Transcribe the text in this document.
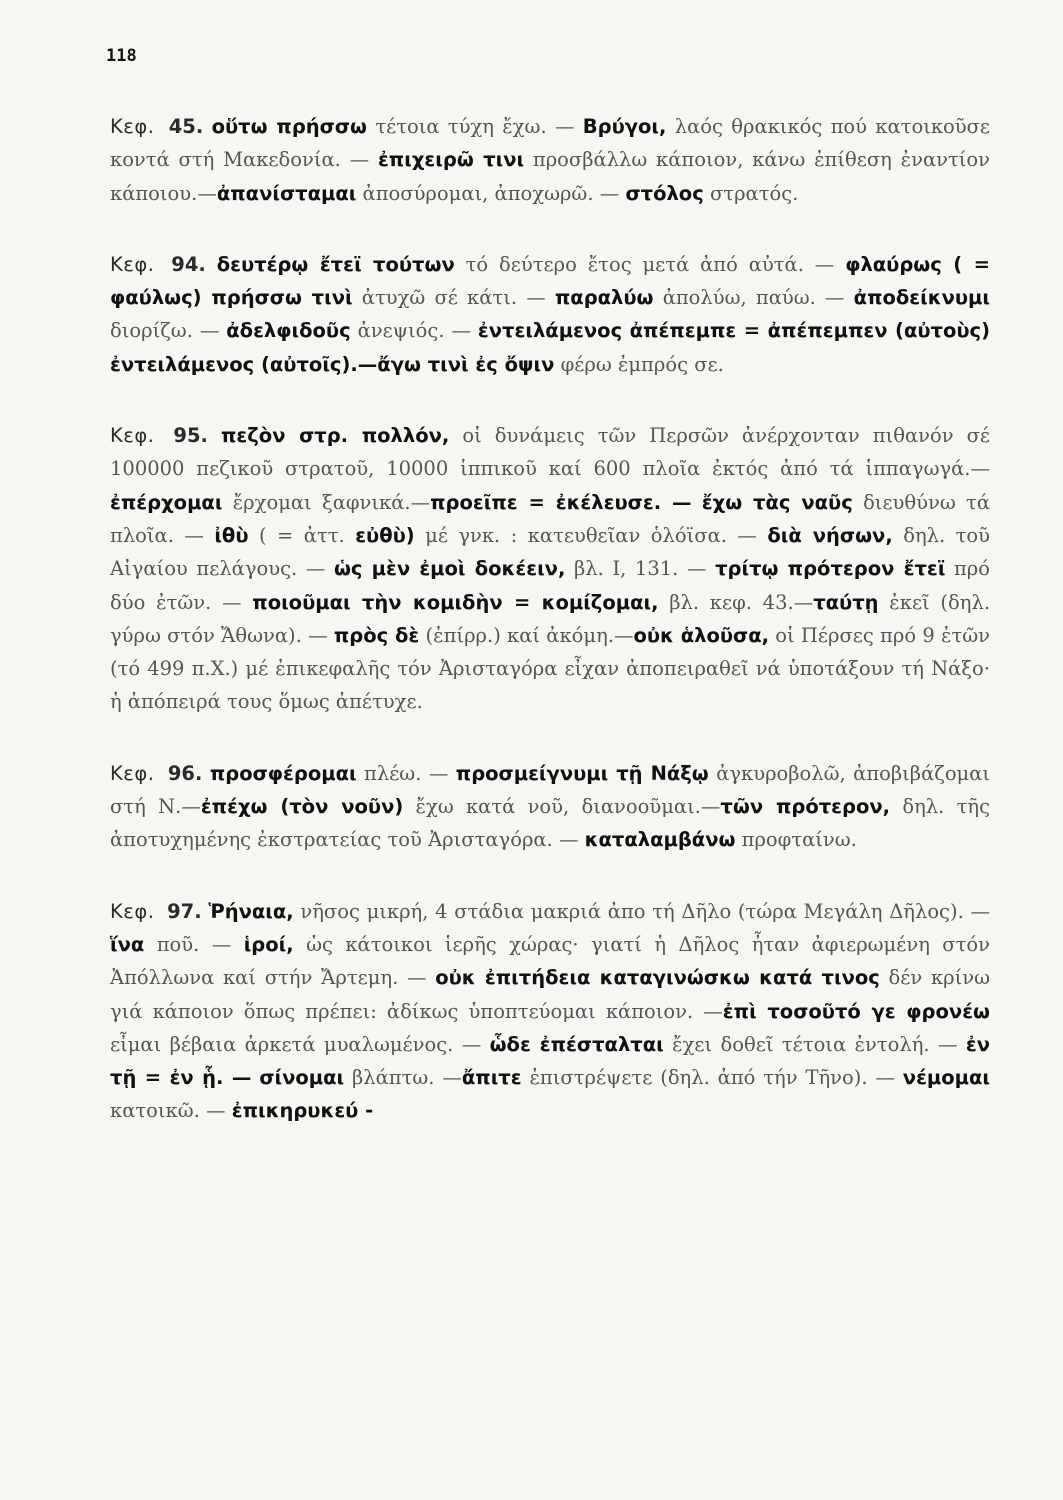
118

Κεφ. 45. οὕτω πρήσσω τέτοια τύχη ἔχω. — Βρύγοι, λαός θρακικός πού κατοικοῦσε κοντά στή Μακεδονία. — ἐπιχειρῶ τινι προσβάλλω κάποιον, κάνω ἐπίθεση ἐναντίον κάποιου.—ἀπανίσταμαι ἀποσύρομαι, ἀποχωρῶ. — στόλος στρατός.

Κεφ. 94. δευτέρῳ ἔτεϊ τούτων τό δεύτερο ἔτος μετά ἀπό αὐτά. — φλαύρως ( = φαύλως) πρήσσω τινὶ ἀτυχῶ σέ κάτι. — παραλύω ἀπολύω, παύω. — ἀποδείκνυμι διορίζω. — ἀδελφιδοῦς ἀνεψιός. — ἐντειλάμενος ἀπέπεμπε = ἀπέπεμπεν (αὐτοὺς) ἐντειλάμενος (αὐτοῖς).—ἄγω τινὶ ἐς ὄψιν φέρω ἐμπρός σε.

Κεφ. 95. πεζὸν στρ. πολλόν, οἱ δυνάμεις τῶν Περσῶν ἀνέρχονταν πιθανόν σέ 100000 πεζικοῦ στρατοῦ, 10000 ἱππικοῦ καί 600 πλοῖα ἐκτός ἀπό τά ἱππαγωγά.—ἐπέρχομαι ἔρχομαι ξαφνικά.—προεῖπε = ἐκέλευσε. — ἔχω τὰς ναῦς διευθύνω τά πλοῖα. — ἰθὺ ( = ἀττ. εὐθὺ) μέ γνκ. : κατευθεῖαν ὁλόϊσα. — διὰ νήσων, δηλ. τοῦ Αἰγαίου πελάγους. — ὡς μὲν ἐμοὶ δοκέειν, βλ. I, 131. — τρίτῳ πρότερον ἔτεϊ πρό δύο ἐτῶν. — ποιοῦμαι τὴν κομιδὴν = κομίζομαι, βλ. κεφ. 43.—ταύτῃ ἐκεῖ (δηλ. γύρω στόν Ἄθωνα). — πρὸς δὲ (ἐπίρρ.) καί ἀκόμη.—οὐκ ἁλοῦσα, οἱ Πέρσες πρό 9 ἐτῶν (τό 499 π.Χ.) μέ ἐπικεφαλῆς τόν Ἀρισταγόρα εἶχαν ἀποπειραθεῖ νά ὑποτάξουν τή Νάξο· ἡ ἀπόπειρά τους ὅμως ἀπέτυχε.

Κεφ. 96. προσφέρομαι πλέω. — προσμείγνυμι τῇ Νάξῳ ἀγκυροβολῶ, ἀποβιβάζομαι στή Ν.—ἐπέχω (τὸν νοῦν) ἔχω κατά νοῦ, διανοοῦμαι.—τῶν πρότερον, δηλ. τῆς ἀποτυχημένης ἐκστρατείας τοῦ Ἀρισταγόρα. — καταλαμβάνω προφταίνω.

Κεφ. 97. Ῥήναια, νῆσος μικρή, 4 στάδια μακριά ἀπο τή Δῆλο (τώρα Μεγάλη Δῆλος). — ἵνα ποῦ. — ἱροί, ὡς κάτοικοι ἱερῆς χώρας· γιατί ἡ Δῆλος ἦταν ἀφιερωμένη στόν Ἀπόλλωνα καί στήν Ἄρτεμη. — οὐκ ἐπιτήδεια καταγινώσκω κατά τινος δέν κρίνω γιά κάποιον ὅπως πρέπει: ἀδίκως ὑποπτεύομαι κάποιον. —ἐπὶ τοσοῦτό γε φρονέω εἶμαι βέβαια ἀρκετά μυαλωμένος. — ὧδε ἐπέσταλται ἔχει δοθεῖ τέτοια ἐντολή. — ἐν τῇ = ἐν ᾗ. — σίνομαι βλάπτω. —ἄπιτε ἐπιστρέψετε (δηλ. ἀπό τήν Τῆνο). — νέμομαι κατοικῶ. — ἐπικηρυκεύ -
